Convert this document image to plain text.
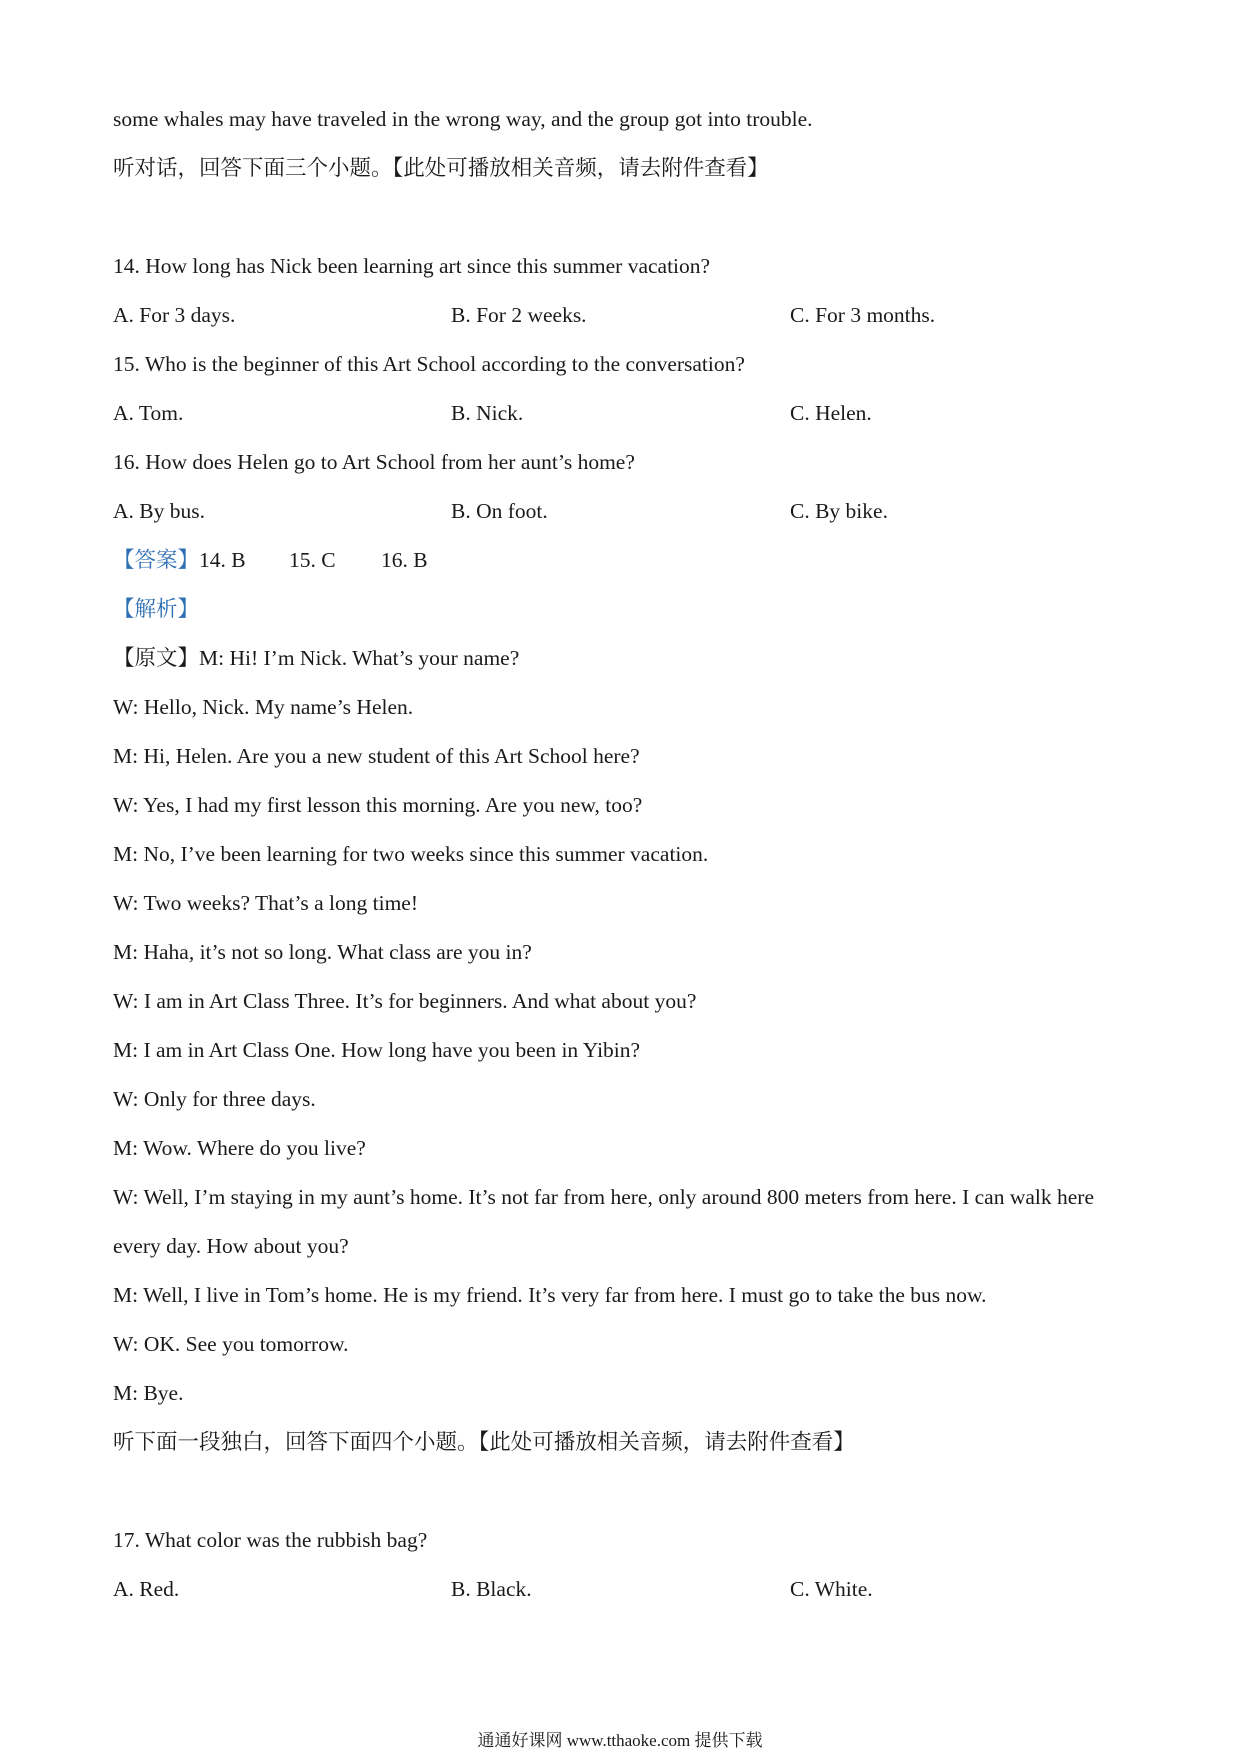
some whales may have traveled in the wrong way, and the group got into trouble.
听对话，回答下面三个小题。【此处可播放相关音频，请去附件查看】
14. How long has Nick been learning art since this summer vacation?
A. For 3 days.	B. For 2 weeks.	C. For 3 months.
15. Who is the beginner of this Art School according to the conversation?
A. Tom.	B. Nick.	C. Helen.
16. How does Helen go to Art School from her aunt’s home?
A. By bus.	B. On foot.	C. By bike.
【答案】14. B 15. C 16. B
【解析】
【原文】M: Hi! I’m Nick. What’s your name?
W: Hello, Nick. My name’s Helen.
M: Hi, Helen. Are you a new student of this Art School here?
W: Yes, I had my first lesson this morning. Are you new, too?
M: No, I’ve been learning for two weeks since this summer vacation.
W: Two weeks? That’s a long time!
M: Haha, it’s not so long. What class are you in?
W: I am in Art Class Three. It’s for beginners. And what about you?
M: I am in Art Class One. How long have you been in Yibin?
W: Only for three days.
M: Wow. Where do you live?
W: Well, I’m staying in my aunt’s home. It’s not far from here, only around 800 meters from here. I can walk here
every day. How about you?
M: Well, I live in Tom’s home. He is my friend. It’s very far from here. I must go to take the bus now.
W: OK. See you tomorrow.
M: Bye.
听下面一段独白，回答下面四个小题。【此处可播放相关音频，请去附件查看】
17. What color was the rubbish bag?
A. Red.	B. Black.	C. White.
通通好课网 www.tthaoke.com 提供下载
